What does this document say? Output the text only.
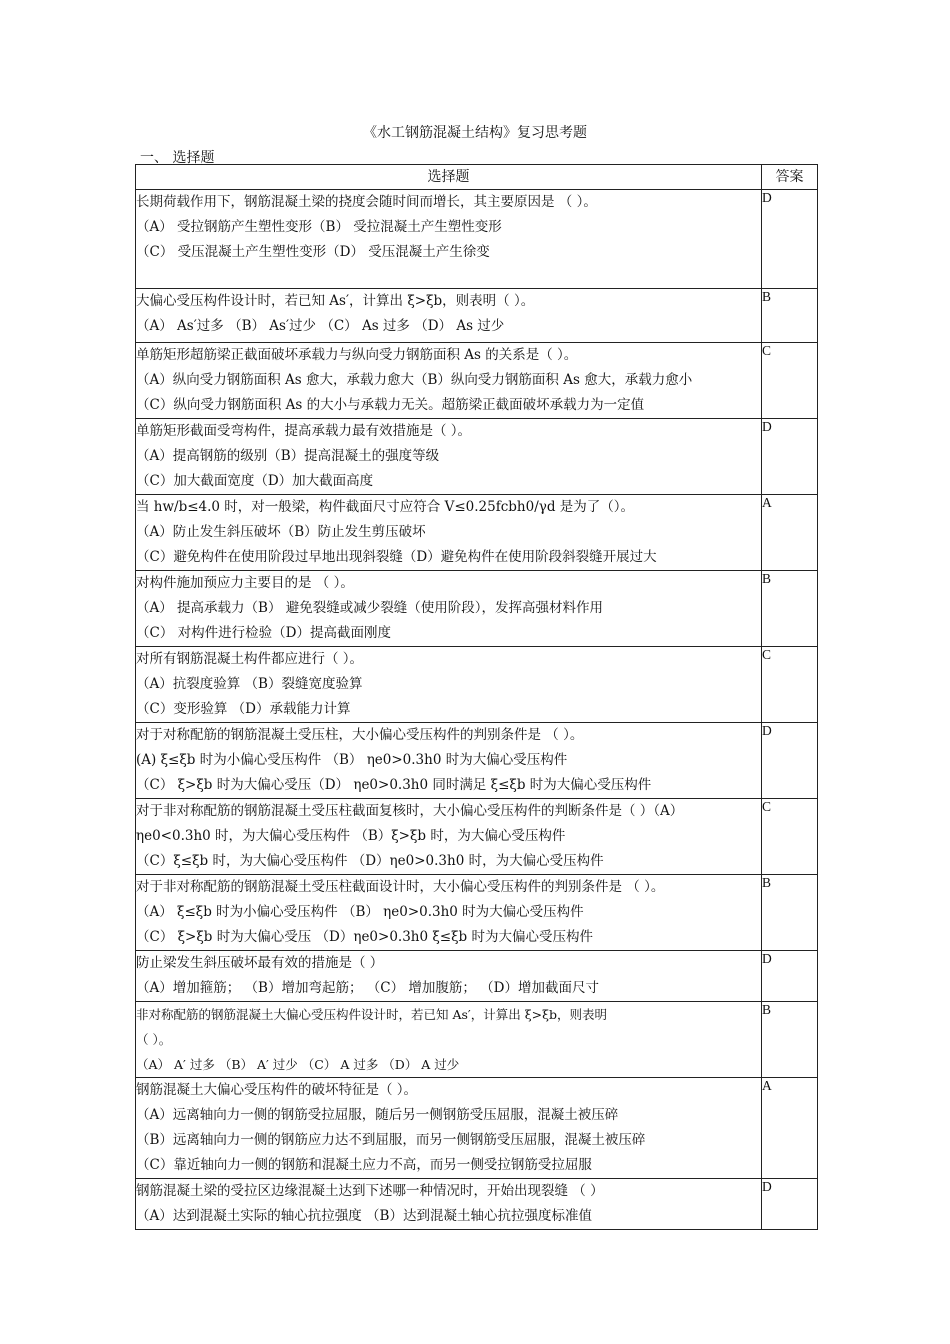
《水工钢筋混凝土结构》复习思考题
一、 选择题
选择题	答案

长期荷载作用下，钢筋混凝土梁的挠度会随时间而增长，其主要原因是 （ ）。
（A） 受拉钢筋产生塑性变形（B） 受拉混凝土产生塑性变形
（C） 受压混凝土产生塑性变形（D） 受压混凝土产生徐变	D

大偏心受压构件设计时，若已知 As′，计算出 ξ>ξb，则表明（ ）。
（A） As′过多 （B） As′过少 （C） As 过多 （D） As 过少	B

单筋矩形超筋梁正截面破坏承载力与纵向受力钢筋面积 As 的关系是（ ）。
（A）纵向受力钢筋面积 As 愈大，承载力愈大（B）纵向受力钢筋面积 As 愈大，承载力愈小
（C）纵向受力钢筋面积 As 的大小与承载力无关。超筋梁正截面破坏承载力为一定值	C

单筋矩形截面受弯构件，提高承载力最有效措施是（ ）。
（A）提高钢筋的级别（B）提高混凝土的强度等级
（C）加大截面宽度（D）加大截面高度	D

当 hw/b≤4.0 时，对一般梁，构件截面尺寸应符合 V≤0.25fcbh0/γd 是为了（）。
（A）防止发生斜压破坏（B）防止发生剪压破坏
（C）避免构件在使用阶段过早地出现斜裂缝（D）避免构件在使用阶段斜裂缝开展过大	A

对构件施加预应力主要目的是 （ ）。
（A） 提高承载力（B） 避免裂缝或减少裂缝（使用阶段），发挥高强材料作用
（C） 对构件进行检验（D）提高截面刚度	B

对所有钢筋混凝土构件都应进行（ ）。
（A）抗裂度验算 （B）裂缝宽度验算
（C）变形验算 （D）承载能力计算	C

对于对称配筋的钢筋混凝土受压柱，大小偏心受压构件的判别条件是 （ ）。
(A) ξ≤ξb 时为小偏心受压构件 （B） ηe0>0.3h0 时为大偏心受压构件
（C） ξ>ξb 时为大偏心受压（D） ηe0>0.3h0 同时满足 ξ≤ξb 时为大偏心受压构件	D

对于非对称配筋的钢筋混凝土受压柱截面复核时，大小偏心受压构件的判断条件是（ ）（A）
ηe0<0.3h0 时，为大偏心受压构件 （B）ξ>ξb 时，为大偏心受压构件
（C）ξ≤ξb 时，为大偏心受压构件 （D）ηe0>0.3h0 时，为大偏心受压构件	C

对于非对称配筋的钢筋混凝土受压柱截面设计时，大小偏心受压构件的判别条件是 （ ）。
（A） ξ≤ξb 时为小偏心受压构件 （B） ηe0>0.3h0 时为大偏心受压构件
（C） ξ>ξb 时为大偏心受压 （D）ηe0>0.3h0 ξ≤ξb 时为大偏心受压构件	B

防止梁发生斜压破坏最有效的措施是（ ）
（A）增加箍筋； （B）增加弯起筋； （C） 增加腹筋； （D）增加截面尺寸	D

非对称配筋的钢筋混凝土大偏心受压构件设计时，若已知 As′，计算出 ξ>ξb，则表明
（ ）。
（A） A′ 过多 （B） A′ 过少 （C） A 过多 （D） A 过少	B

钢筋混凝土大偏心受压构件的破坏特征是（ ）。
（A）远离轴向力一侧的钢筋受拉屈服，随后另一侧钢筋受压屈服，混凝土被压碎
（B）远离轴向力一侧的钢筋应力达不到屈服，而另一侧钢筋受压屈服，混凝土被压碎
（C）靠近轴向力一侧的钢筋和混凝土应力不高，而另一侧受拉钢筋受拉屈服	A

钢筋混凝土梁的受拉区边缘混凝土达到下述哪一种情况时，开始出现裂缝 （ ）
（A）达到混凝土实际的轴心抗拉强度 （B）达到混凝土轴心抗拉强度标准值	D
